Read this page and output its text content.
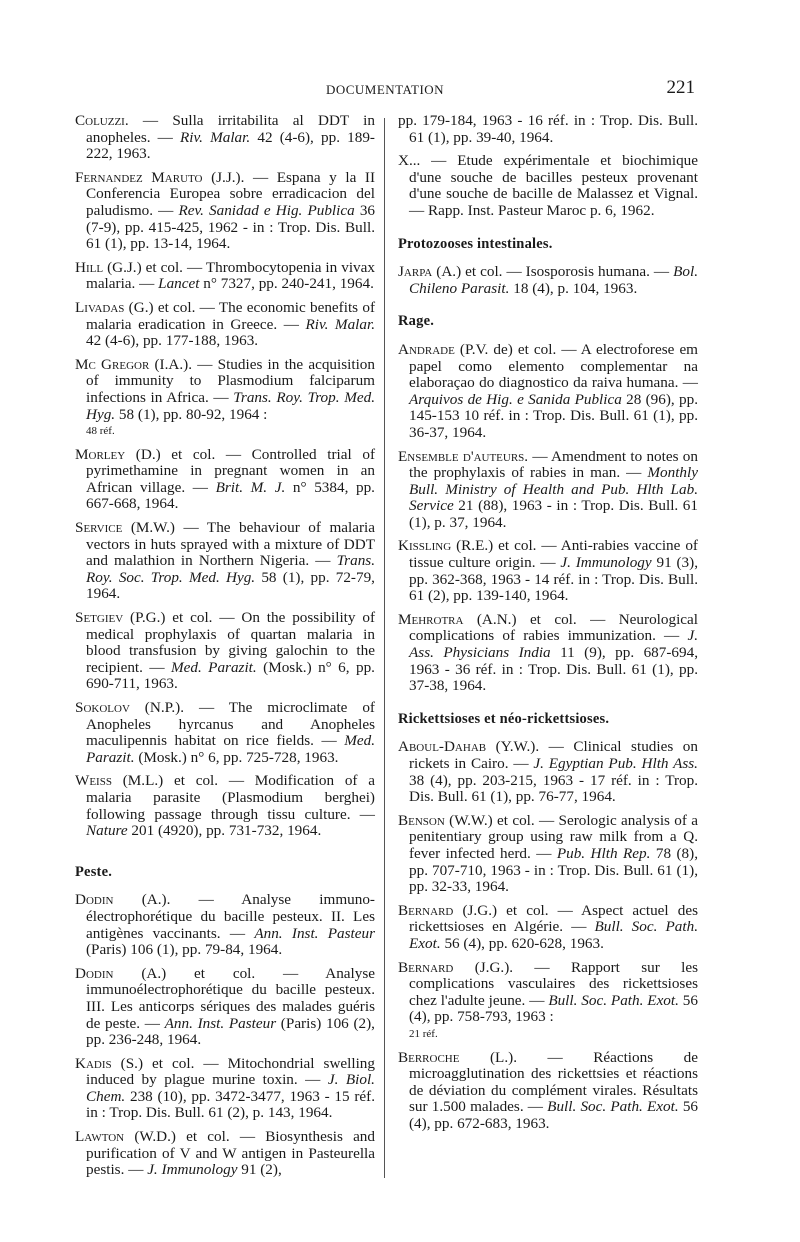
DOCUMENTATION	221

Coluzzi. — Sulla irritabilita al DDT in anopheles. — Riv. Malar. 42 (4-6), pp. 189-222, 1963.

Fernandez Maruto (J.J.). — Espana y la II Conferencia Europea sobre erradicacion del paludismo. — Rev. Sanidad e Hig. Publica 36 (7-9), pp. 415-425, 1962 - in : Trop. Dis. Bull. 61 (1), pp. 13-14, 1964.

Hill (G.J.) et col. — Thrombocytopenia in vivax malaria. — Lancet n° 7327, pp. 240-241, 1964.

Livadas (G.) et col. — The economic benefits of malaria eradication in Greece. — Riv. Malar. 42 (4-6), pp. 177-188, 1963.

Mc Gregor (I.A.). — Studies in the acquisition of immunity to Plasmodium falciparum infections in Africa. — Trans. Roy. Trop. Med. Hyg. 58 (1), pp. 80-92, 1964 :
48 réf.

Morley (D.) et col. — Controlled trial of pyrimethamine in pregnant women in an African village. — Brit. M. J. n° 5384, pp. 667-668, 1964.

Service (M.W.) — The behaviour of malaria vectors in huts sprayed with a mixture of DDT and malathion in Northern Nigeria. — Trans. Roy. Soc. Trop. Med. Hyg. 58 (1), pp. 72-79, 1964.

Setgiev (P.G.) et col. — On the possibility of medical prophylaxis of quartan malaria in blood transfusion by giving galochin to the recipient. — Med. Parazit. (Mosk.) n° 6, pp. 690-711, 1963.

Sokolov (N.P.). — The microclimate of Anopheles hyrcanus and Anopheles maculipennis habitat on rice fields. — Med. Parazit. (Mosk.) n° 6, pp. 725-728, 1963.

Weiss (M.L.) et col. — Modification of a malaria parasite (Plasmodium berghei) following passage through tissu culture. — Nature 201 (4920), pp. 731-732, 1964.

Peste.

Dodin (A.). — Analyse immuno-électrophorétique du bacille pesteux. II. Les antigènes vaccinants. — Ann. Inst. Pasteur (Paris) 106 (1), pp. 79-84, 1964.

Dodin (A.) et col. — Analyse immunoélectrophorétique du bacille pesteux. III. Les anticorps sériques des malades guéris de peste. — Ann. Inst. Pasteur (Paris) 106 (2), pp. 236-248, 1964.

Kadis (S.) et col. — Mitochondrial swelling induced by plague murine toxin. — J. Biol. Chem. 238 (10), pp. 3472-3477, 1963 - 15 réf. in : Trop. Dis. Bull. 61 (2), p. 143, 1964.

Lawton (W.D.) et col. — Biosynthesis and purification of V and W antigen in Pasteurella pestis. — J. Immunology 91 (2),

pp. 179-184, 1963 - 16 réf. in : Trop. Dis. Bull. 61 (1), pp. 39-40, 1964.

X... — Etude expérimentale et biochimique d'une souche de bacilles pesteux provenant d'une souche de bacille de Malassez et Vignal. — Rapp. Inst. Pasteur Maroc p. 6, 1962.

Protozooses intestinales.

Jarpa (A.) et col. — Isosporosis humana. — Bol. Chileno Parasit. 18 (4), p. 104, 1963.

Rage.

Andrade (P.V. de) et col. — A electroforese em papel como elemento complementar na elaboraçao do diagnostico da raiva humana. — Arquivos de Hig. e Sanida Publica 28 (96), pp. 145-153 10 réf. in : Trop. Dis. Bull. 61 (1), pp. 36-37, 1964.

Ensemble d'auteurs. — Amendment to notes on the prophylaxis of rabies in man. — Monthly Bull. Ministry of Health and Pub. Hlth Lab. Service 21 (88), 1963 - in : Trop. Dis. Bull. 61 (1), p. 37, 1964.

Kissling (R.E.) et col. — Anti-rabies vaccine of tissue culture origin. — J. Immunology 91 (3), pp. 362-368, 1963 - 14 réf. in : Trop. Dis. Bull. 61 (2), pp. 139-140, 1964.

Mehrotra (A.N.) et col. — Neurological complications of rabies immunization. — J. Ass. Physicians India 11 (9), pp. 687-694, 1963 - 36 réf. in : Trop. Dis. Bull. 61 (1), pp. 37-38, 1964.

Rickettsioses et néo-rickettsioses.

Aboul-Dahab (Y.W.). — Clinical studies on rickets in Cairo. — J. Egyptian Pub. Hlth Ass. 38 (4), pp. 203-215, 1963 - 17 réf. in : Trop. Dis. Bull. 61 (1), pp. 76-77, 1964.

Benson (W.W.) et col. — Serologic analysis of a penitentiary group using raw milk from a Q. fever infected herd. — Pub. Hlth Rep. 78 (8), pp. 707-710, 1963 - in : Trop. Dis. Bull. 61 (1), pp. 32-33, 1964.

Bernard (J.G.) et col. — Aspect actuel des rickettsioses en Algérie. — Bull. Soc. Path. Exot. 56 (4), pp. 620-628, 1963.

Bernard (J.G.). — Rapport sur les complications vasculaires des rickettsioses chez l'adulte jeune. — Bull. Soc. Path. Exot. 56 (4), pp. 758-793, 1963 :
21 réf.

Berroche (L.). — Réactions de microagglutination des rickettsies et réactions de déviation du complément virales. Résultats sur 1.500 malades. — Bull. Soc. Path. Exot. 56 (4), pp. 672-683, 1963.
